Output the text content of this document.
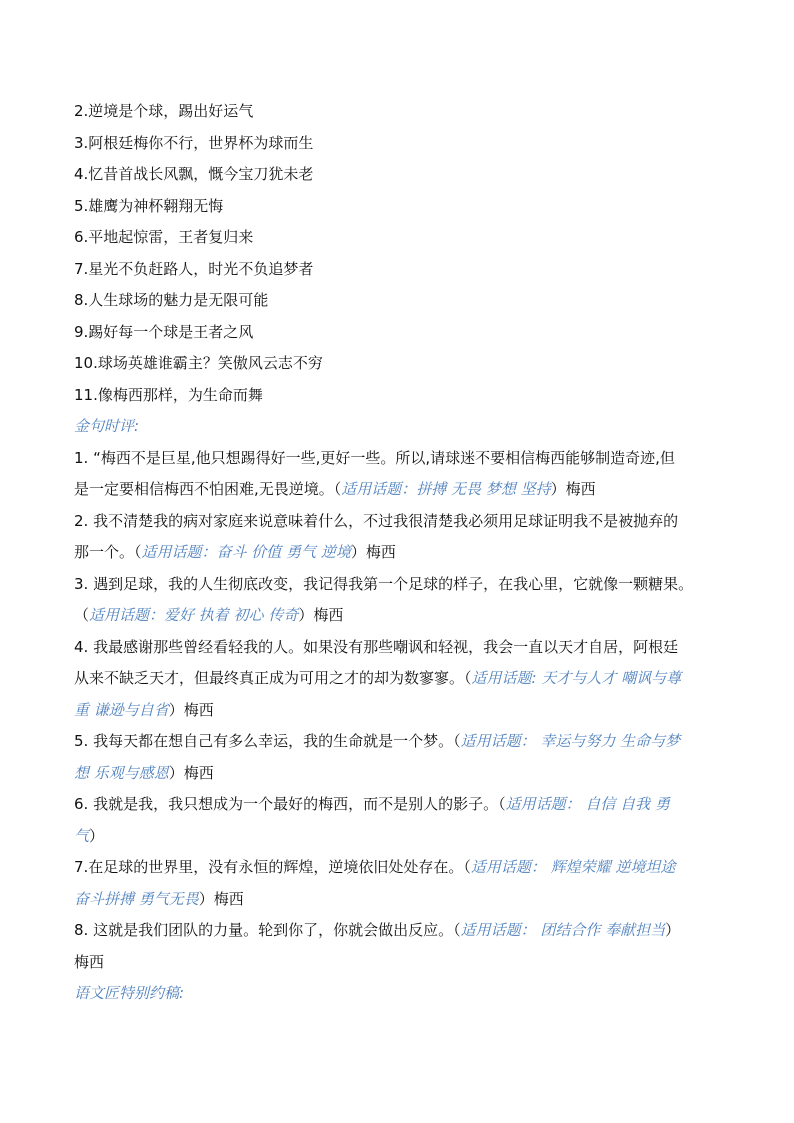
2.逆境是个球，踢出好运气
3.阿根廷梅你不行，世界杯为球而生
4.忆昔首战长风飘，慨今宝刀犹未老
5.雄鹰为神杯翱翔无悔
6.平地起惊雷，王者复归来
7.星光不负赶路人，时光不负追梦者
8.人生球场的魅力是无限可能
9.踢好每一个球是王者之风
10.球场英雄谁霸主？笑傲风云志不穷
11.像梅西那样，为生命而舞
金句时评:
1. “梅西不是巨星,他只想踢得好一些,更好一些。所以,请球迷不要相信梅西能够制造奇迹,但
是一定要相信梅西不怕困难,无畏逆境。（适用话题：拼搏 无畏 梦想 坚持）梅西
2. 我不清楚我的病对家庭来说意味着什么，不过我很清楚我必须用足球证明我不是被抛弃的
那一个。（适用话题：奋斗 价值 勇气 逆境）梅西
3. 遇到足球，我的人生彻底改变，我记得我第一个足球的样子，在我心里，它就像一颗糖果。
（适用话题：爱好 执着 初心 传奇）梅西
4. 我最感谢那些曾经看轻我的人。如果没有那些嘲讽和轻视，我会一直以天才自居，阿根廷
从来不缺乏天才，但最终真正成为可用之才的却为数寥寥。（适用话题: 天才与人才 嘲讽与尊
重 谦逊与自省）梅西
5. 我每天都在想自己有多么幸运，我的生命就是一个梦。（适用话题： 幸运与努力 生命与梦
想 乐观与感恩）梅西
6. 我就是我，我只想成为一个最好的梅西，而不是别人的影子。（适用话题： 自信 自我 勇
气）
7.在足球的世界里，没有永恒的辉煌，逆境依旧处处存在。（适用话题： 辉煌荣耀 逆境坦途
奋斗拼搏 勇气无畏）梅西
8. 这就是我们团队的力量。轮到你了，你就会做出反应。（适用话题： 团结合作 奉献担当）
梅西
语文匠特别约稿:
